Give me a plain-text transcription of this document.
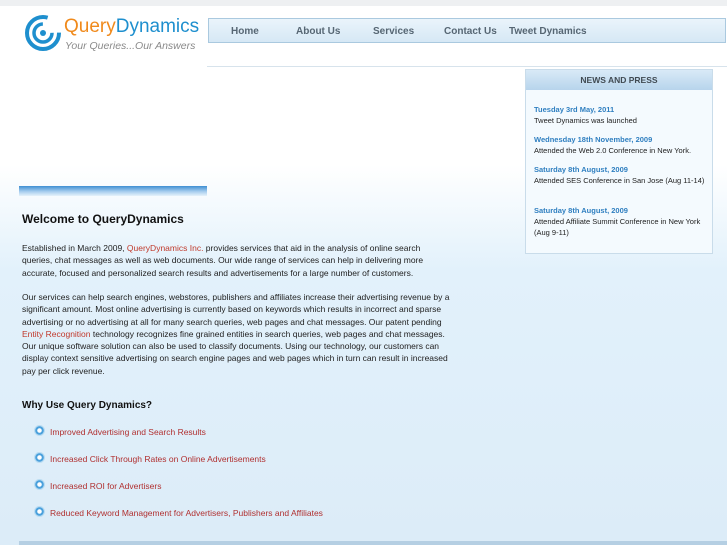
QueryDynamics
Your Queries...Our Answers
Home	About Us	Services	Contact Us Tweet Dynamics
NEWS AND PRESS
Tuesday 3rd May, 2011
Tweet Dynamics was launched
Wednesday 18th November, 2009
Attended the Web 2.0 Conference in New York.
Saturday 8th August, 2009
Attended SES Conference in San Jose (Aug 11-14)
Saturday 8th August, 2009
Attended Affiliate Summit Conference in New York (Aug 9-11)
Welcome to QueryDynamics
Established in March 2009, QueryDynamics Inc. provides services that aid in the analysis of online search queries, chat messages as well as web documents. Our wide range of services can help in delivering more accurate, focused and personalized search results and advertisements for a large number of customers.
Our services can help search engines, webstores, publishers and affiliates increase their advertising revenue by a significant amount. Most online advertising is currently based on keywords which results in incorrect and sparse advertising or no advertising at all for many search queries, web pages and chat messages. Our patent pending Entity Recognition technology recognizes fine grained entities in search queries, web pages and chat messages. Our unique software solution can also be used to classify documents. Using our technology, our customers can display context sensitive advertising on search engine pages and web pages which in turn can result in increased pay per click revenue.
Why Use Query Dynamics?
Improved Advertising and Search Results
Increased Click Through Rates on Online Advertisements
Increased ROI for Advertisers
Reduced Keyword Management for Advertisers, Publishers and Affiliates
